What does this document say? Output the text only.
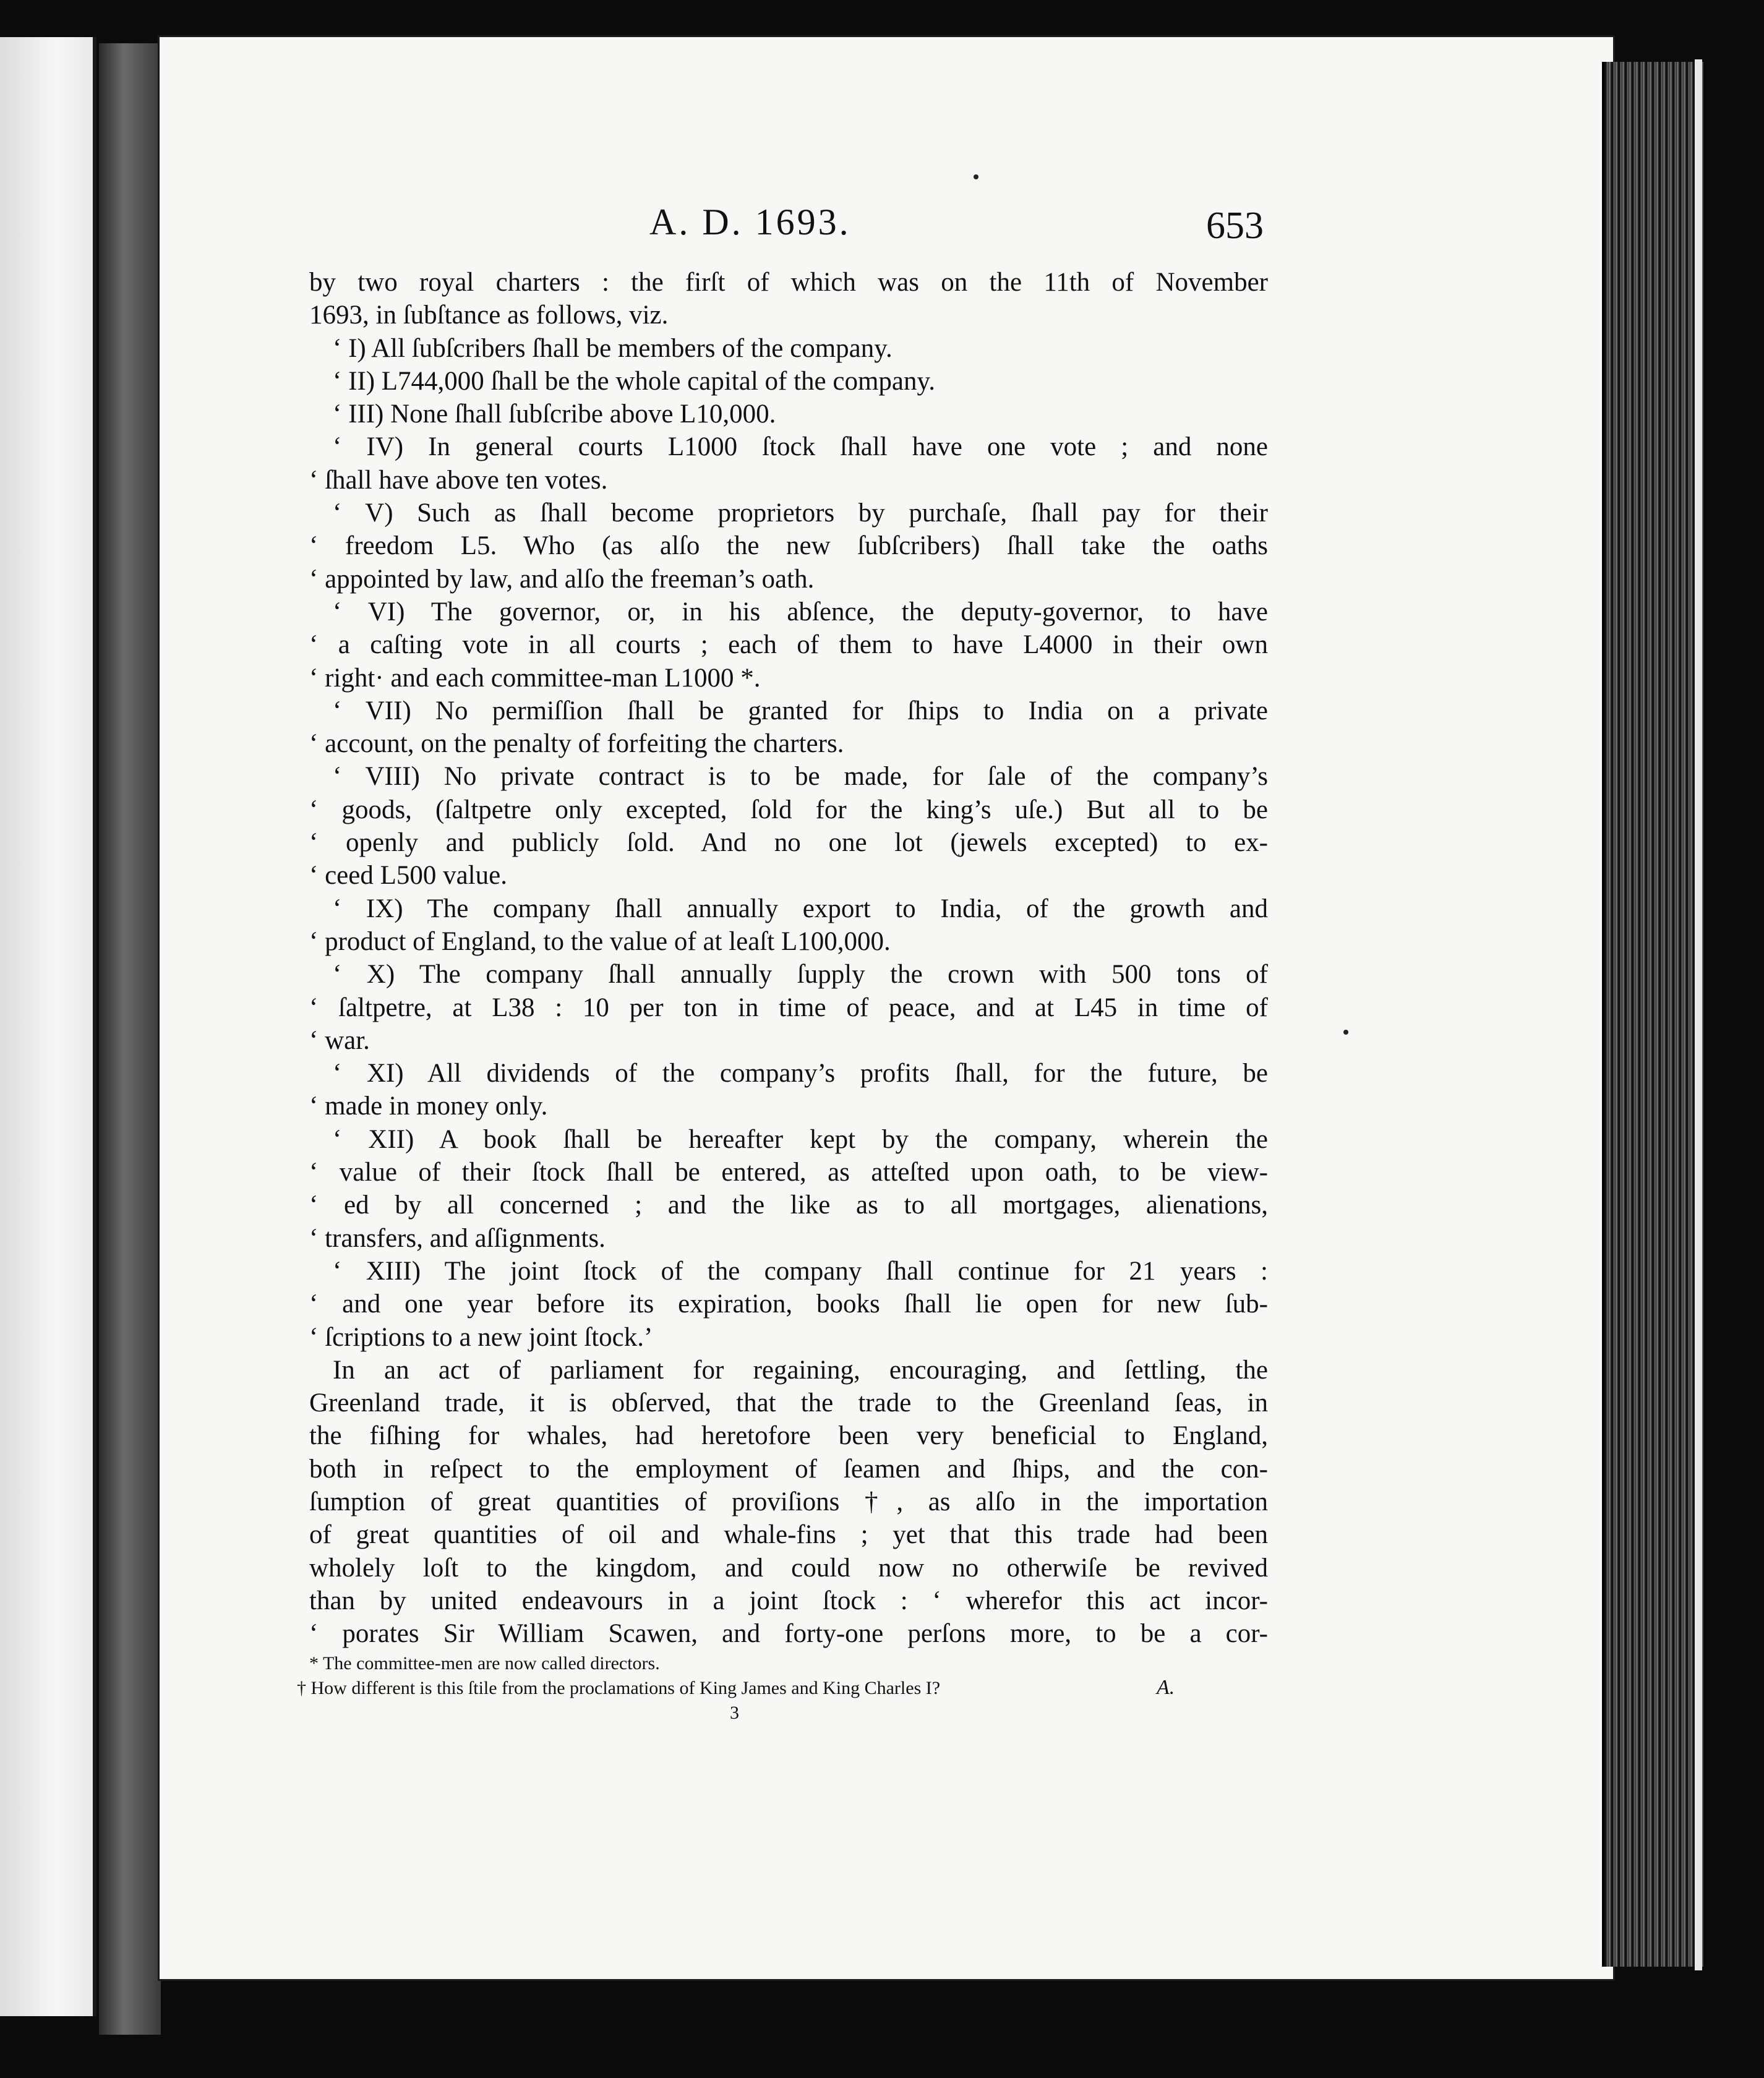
A. D. 1693.	653
by two royal charters : the firſt of which was on the 11th of November
1693, in ſubſtance as follows, viz.
‘ I) All ſubſcribers ſhall be members of the company.
‘ II) L744,000 ſhall be the whole capital of the company.
‘ III) None ſhall ſubſcribe above L10,000.
‘ IV) In general courts L1000 ſtock ſhall have one vote ; and none
‘ ſhall have above ten votes.
‘ V) Such as ſhall become proprietors by purchaſe, ſhall pay for their
‘ freedom L5. Who (as alſo the new ſubſcribers) ſhall take the oaths
‘ appointed by law, and alſo the freeman’s oath.
‘ VI) The governor, or, in his abſence, the deputy-governor, to have
‘ a caſting vote in all courts ; each of them to have L4000 in their own
‘ right· and each committee-man L1000 *.
‘ VII) No permiſſion ſhall be granted for ſhips to India on a private
‘ account, on the penalty of forfeiting the charters.
‘ VIII) No private contract is to be made, for ſale of the company’s
‘ goods, (ſaltpetre only excepted, ſold for the king’s uſe.) But all to be
‘ openly and publicly ſold. And no one lot (jewels excepted) to ex-
‘ ceed L500 value.
‘ IX) The company ſhall annually export to India, of the growth and
‘ product of England, to the value of at leaſt L100,000.
‘ X) The company ſhall annually ſupply the crown with 500 tons of
‘ ſaltpetre, at L38 : 10 per ton in time of peace, and at L45 in time of
‘ war.
‘ XI) All dividends of the company’s profits ſhall, for the future, be
‘ made in money only.
‘ XII) A book ſhall be hereafter kept by the company, wherein the
‘ value of their ſtock ſhall be entered, as atteſted upon oath, to be view-
‘ ed by all concerned ; and the like as to all mortgages, alienations,
‘ transfers, and aſſignments.
‘ XIII) The joint ſtock of the company ſhall continue for 21 years :
‘ and one year before its expiration, books ſhall lie open for new ſub-
‘ ſcriptions to a new joint ſtock.’
In an act of parliament for regaining, encouraging, and ſettling, the
Greenland trade, it is obſerved, that the trade to the Greenland ſeas, in
the fiſhing for whales, had heretofore been very beneficial to England,
both in reſpect to the employment of ſeamen and ſhips, and the con-
ſumption of great quantities of proviſions †, as alſo in the importation
of great quantities of oil and whale-fins ; yet that this trade had been
wholely loſt to the kingdom, and could now no otherwiſe be revived
than by united endeavours in a joint ſtock : ‘ wherefor this act incor-
‘ porates Sir William Scawen, and forty-one perſons more, to be a cor-
* The committee-men are now called directors.
† How different is this ſtile from the proclamations of King James and King Charles I?
3
A.
